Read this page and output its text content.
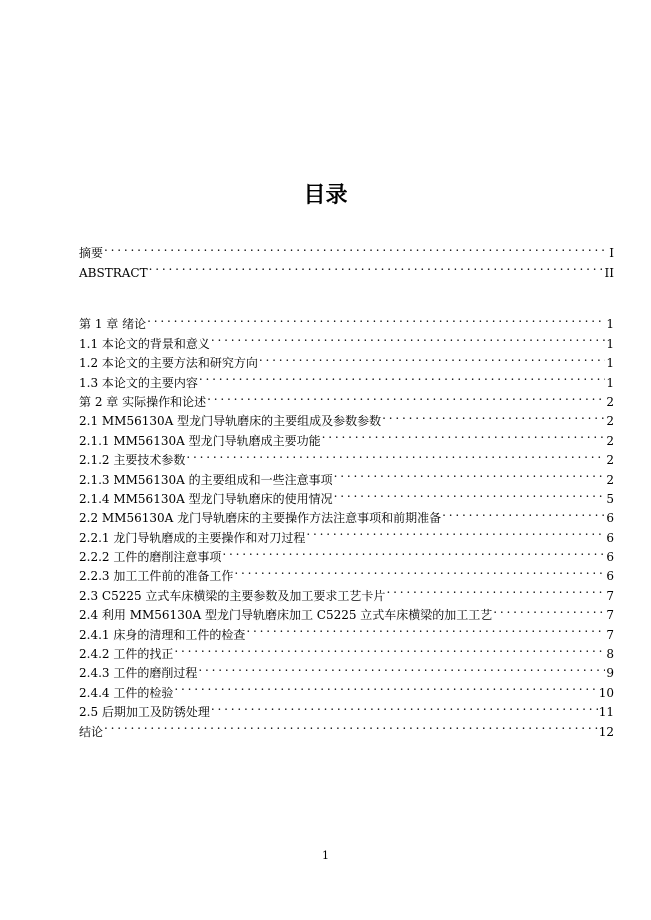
目录
摘要 . . .	I
ABSTRACT . . .	II
第 1 章 绪论 . . .	1
1.1 本论文的背景和意义 . . .	1
1.2 本论文的主要方法和研究方向 . . .	1
1.3 本论文的主要内容 . . .	1
第 2 章 实际操作和论述 . . .	2
2.1 MM56130A 型龙门导轨磨床的主要组成及参数参数 . . .	2
2.1.1 MM56130A 型龙门导轨磨成主要功能 . . .	2
2.1.2 主要技术参数 . . .	2
2.1.3 MM56130A 的主要组成和一些注意事项 . . .	2
2.1.4 MM56130A 型龙门导轨磨床的使用情况 . . .	5
2.2 MM56130A 龙门导轨磨床的主要操作方法注意事项和前期准备 . . .	6
2.2.1 龙门导轨磨成的主要操作和对刀过程 . . .	6
2.2.2 工件的磨削注意事项 . . .	6
2.2.3 加工工件前的准备工作 . . .	6
2.3 C5225 立式车床横梁的主要参数及加工要求工艺卡片 . . .	7
2.4 利用 MM56130A 型龙门导轨磨床加工 C5225 立式车床横梁的加工工艺 . . .	7
2.4.1 床身的清理和工件的检查 . . .	7
2.4.2 工件的找正 . . .	8
2.4.3 工件的磨削过程 . . .	9
2.4.4 工件的检验 . . .	10
2.5 后期加工及防锈处理 . . .	11
结论 . . .	12
1
